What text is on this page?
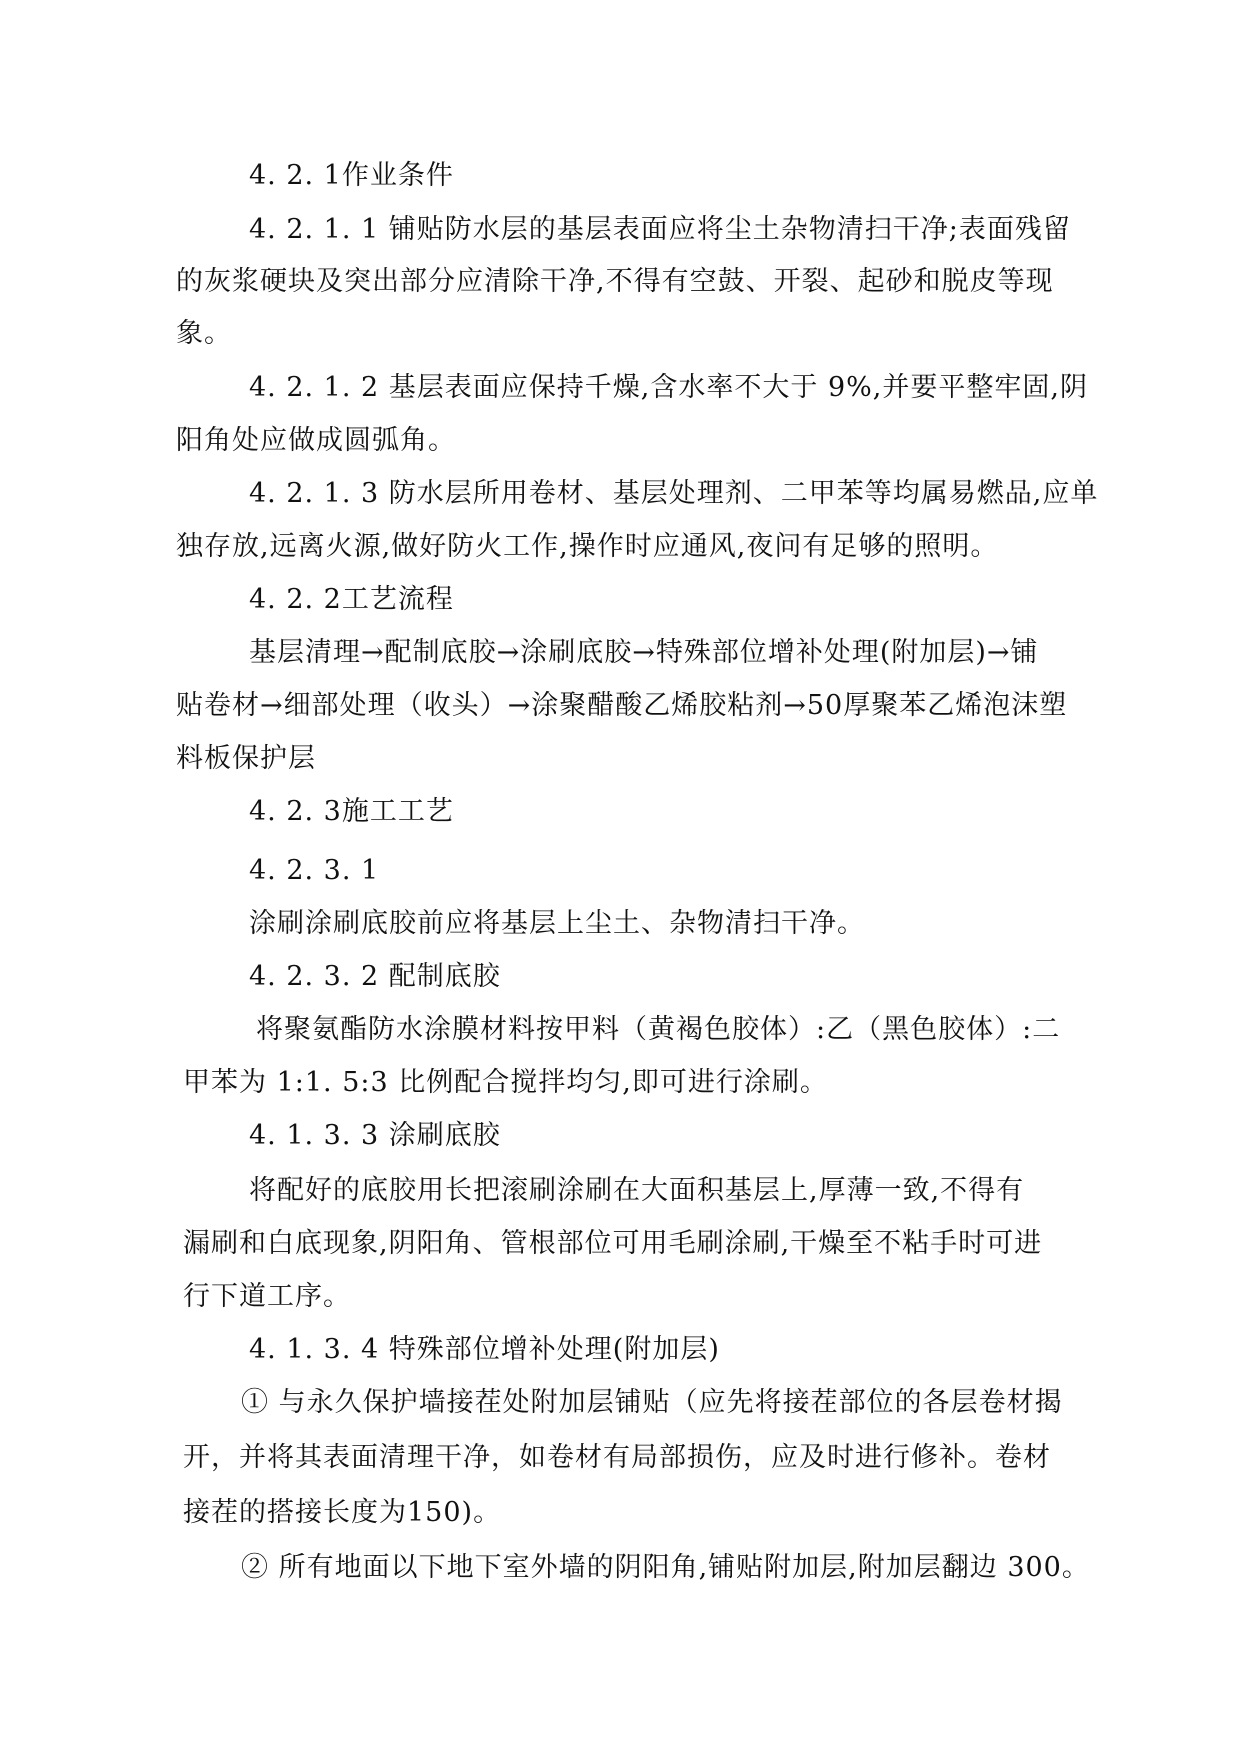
4. 2. 1作业条件
4. 2. 1. 1 铺贴防水层的基层表面应将尘土杂物清扫干净;表面残留
的灰浆硬块及突出部分应清除干净,不得有空鼓、开裂、起砂和脱皮等现
象。
4. 2. 1. 2 基层表面应保持千燥,含水率不大于 9%,并要平整牢固,阴
阳角处应做成圆弧角。
4. 2. 1. 3 防水层所用卷材、基层处理剂、二甲苯等均属易燃品,应单
独存放,远离火源,做好防火工作,操作时应通风,夜问有足够的照明。
4. 2. 2工艺流程
基层清理→配制底胶→涂刷底胶→特殊部位增补处理(附加层)→铺
贴卷材→细部处理（收头）→涂聚醋酸乙烯胶粘剂→50厚聚苯乙烯泡沫塑
料板保护层
4. 2. 3施工工艺
4. 2. 3. 1
涂刷涂刷底胶前应将基层上尘土、杂物清扫干净。
4. 2. 3. 2 配制底胶
将聚氨酯防水涂膜材料按甲料（黄褐色胶体）:乙（黑色胶体）:二
甲苯为 1:1. 5:3 比例配合搅拌均匀,即可进行涂刷。
4. 1. 3. 3 涂刷底胶
将配好的底胶用长把滚刷涂刷在大面积基层上,厚薄一致,不得有
漏刷和白底现象,阴阳角、管根部位可用毛刷涂刷,干燥至不粘手时可进
行下道工序。
4. 1. 3. 4 特殊部位增补处理(附加层)
① 与永久保护墙接茬处附加层铺贴（应先将接茬部位的各层卷材揭
开，并将其表面清理干净，如卷材有局部损伤，应及时进行修补。卷材
接茬的搭接长度为150)。
② 所有地面以下地下室外墙的阴阳角,铺贴附加层,附加层翻边 300。
